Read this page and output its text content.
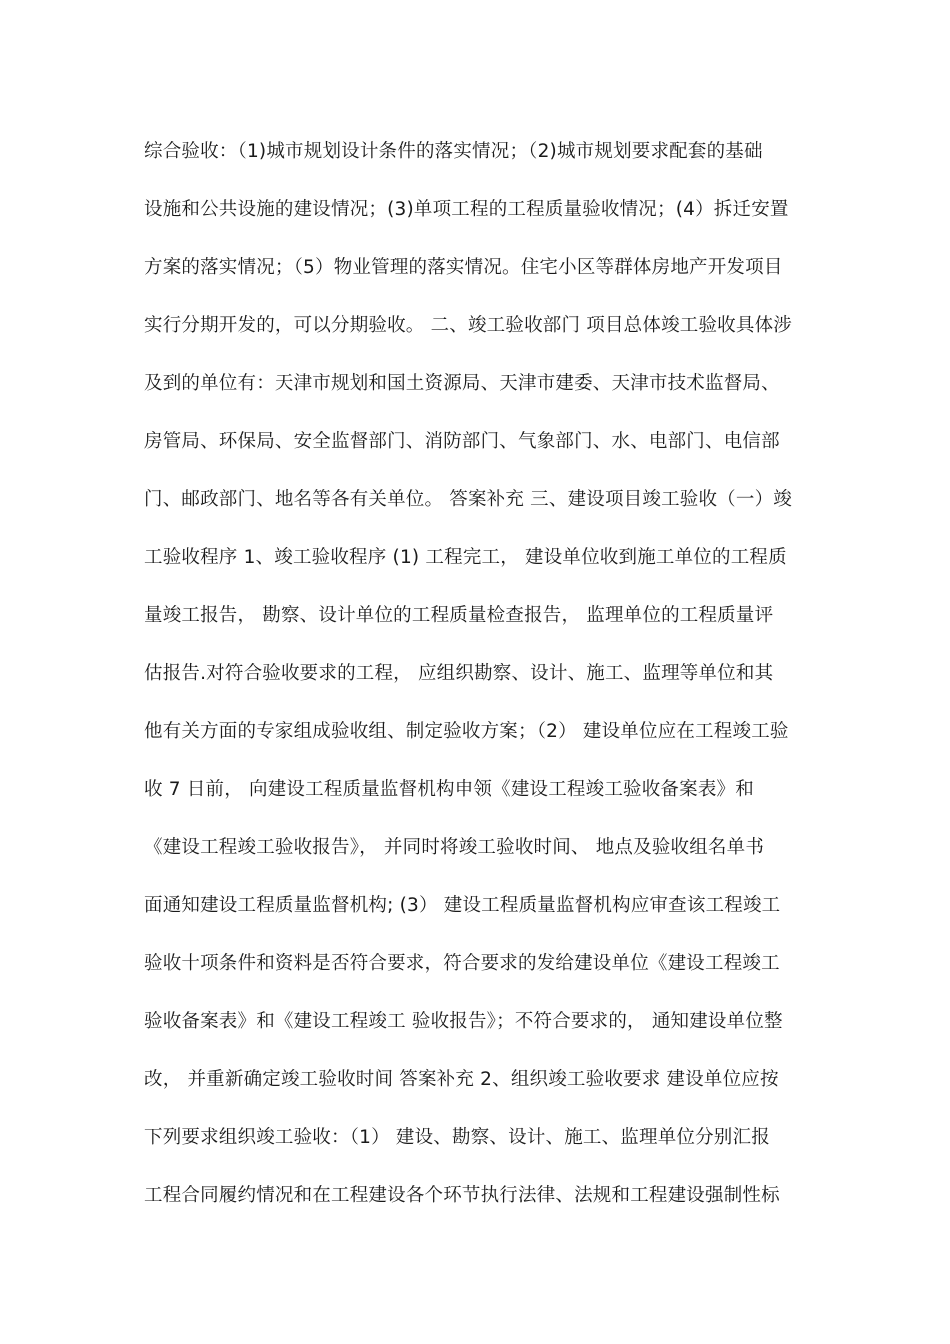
综合验收：（1)城市规划设计条件的落实情况；（2)城市规划要求配套的基础
设施和公共设施的建设情况；(3)单项工程的工程质量验收情况；(4）拆迁安置
方案的落实情况；（5）物业管理的落实情况。住宅小区等群体房地产开发项目
实行分期开发的，可以分期验收。 二、竣工验收部门 项目总体竣工验收具体涉
及到的单位有：天津市规划和国土资源局、天津市建委、天津市技术监督局、
房管局、环保局、安全监督部门、消防部门、气象部门、水、电部门、电信部
门、邮政部门、地名等各有关单位。 答案补充 三、建设项目竣工验收（一）竣
工验收程序 1、竣工验收程序 (1) 工程完工， 建设单位收到施工单位的工程质
量竣工报告， 勘察、设计单位的工程质量检查报告， 监理单位的工程质量评
估报告.对符合验收要求的工程， 应组织勘察、设计、施工、监理等单位和其
他有关方面的专家组成验收组、制定验收方案；（2） 建设单位应在工程竣工验
收 7 日前， 向建设工程质量监督机构申领《建设工程竣工验收备案表》和
《建设工程竣工验收报告》， 并同时将竣工验收时间、 地点及验收组名单书
面通知建设工程质量监督机构; (3） 建设工程质量监督机构应审查该工程竣工
验收十项条件和资料是否符合要求，符合要求的发给建设单位《建设工程竣工
验收备案表》和《建设工程竣工 验收报告》；不符合要求的， 通知建设单位整
改， 并重新确定竣工验收时间 答案补充 2、组织竣工验收要求 建设单位应按
下列要求组织竣工验收：（1） 建设、勘察、设计、施工、监理单位分别汇报
工程合同履约情况和在工程建设各个环节执行法律、法规和工程建设强制性标
